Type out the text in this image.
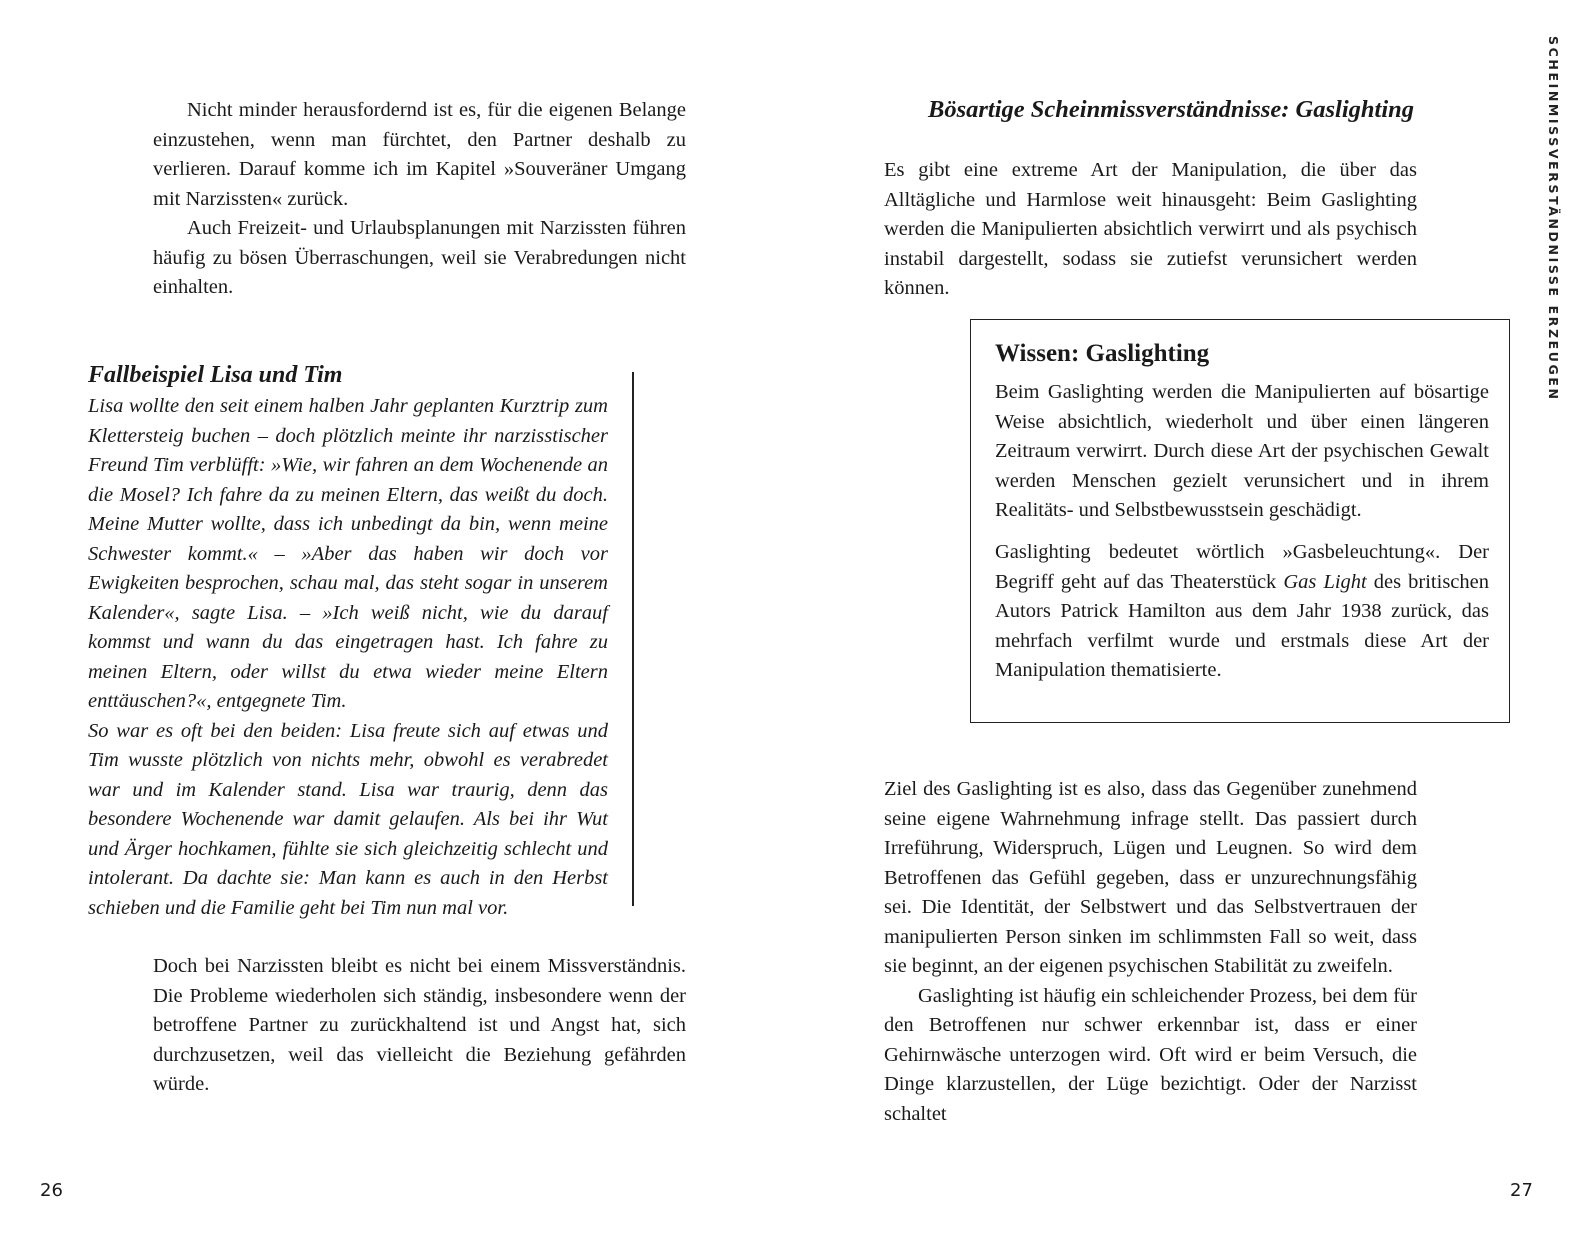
Nicht minder herausfordernd ist es, für die eigenen Belange einzustehen, wenn man fürchtet, den Partner deshalb zu verlieren. Darauf komme ich im Kapitel »Souveräner Umgang mit Narzissten« zurück.

Auch Freizeit- und Urlaubsplanungen mit Narzissten führen häufig zu bösen Überraschungen, weil sie Verabredungen nicht einhalten.

Fallbeispiel Lisa und Tim

Lisa wollte den seit einem halben Jahr geplanten Kurztrip zum Klettersteig buchen – doch plötzlich meinte ihr narzisstischer Freund Tim verblüfft: »Wie, wir fahren an dem Wochenende an die Mosel? Ich fahre da zu meinen Eltern, das weißt du doch. Meine Mutter wollte, dass ich unbedingt da bin, wenn meine Schwester kommt.« – »Aber das haben wir doch vor Ewigkeiten besprochen, schau mal, das steht sogar in unserem Kalender«, sagte Lisa. – »Ich weiß nicht, wie du darauf kommst und wann du das eingetragen hast. Ich fahre zu meinen Eltern, oder willst du etwa wieder meine Eltern enttäuschen?«, entgegnete Tim.

So war es oft bei den beiden: Lisa freute sich auf etwas und Tim wusste plötzlich von nichts mehr, obwohl es verabredet war und im Kalender stand. Lisa war traurig, denn das besondere Wochenende war damit gelaufen. Als bei ihr Wut und Ärger hochkamen, fühlte sie sich gleichzeitig schlecht und intolerant. Da dachte sie: Man kann es auch in den Herbst schieben und die Familie geht bei Tim nun mal vor.

Doch bei Narzissten bleibt es nicht bei einem Missverständnis. Die Probleme wiederholen sich ständig, insbesondere wenn der betroffene Partner zu zurückhaltend ist und Angst hat, sich durchzusetzen, weil das vielleicht die Beziehung gefährden würde.

26
SCHEINMISSVERSTÄNDNISSE ERZEUGEN
Bösartige Scheinmissverständnisse: Gaslighting

Es gibt eine extreme Art der Manipulation, die über das Alltägliche und Harmlose weit hinausgeht: Beim Gaslighting werden die Manipulierten absichtlich verwirrt und als psychisch instabil dargestellt, sodass sie zutiefst verunsichert werden können.

Wissen: Gaslighting

Beim Gaslighting werden die Manipulierten auf bösartige Weise absichtlich, wiederholt und über einen längeren Zeitraum verwirrt. Durch diese Art der psychischen Gewalt werden Menschen gezielt verunsichert und in ihrem Realitäts- und Selbstbewusstsein geschädigt.

Gaslighting bedeutet wörtlich »Gasbeleuchtung«. Der Begriff geht auf das Theaterstück Gas Light des britischen Autors Patrick Hamilton aus dem Jahr 1938 zurück, das mehrfach verfilmt wurde und erstmals diese Art der Manipulation thematisierte.

Ziel des Gaslighting ist es also, dass das Gegenüber zunehmend seine eigene Wahrnehmung infrage stellt. Das passiert durch Irreführung, Widerspruch, Lügen und Leugnen. So wird dem Betroffenen das Gefühl gegeben, dass er unzurechnungsfähig sei. Die Identität, der Selbstwert und das Selbstvertrauen der manipulierten Person sinken im schlimmsten Fall so weit, dass sie beginnt, an der eigenen psychischen Stabilität zu zweifeln.

Gaslighting ist häufig ein schleichender Prozess, bei dem für den Betroffenen nur schwer erkennbar ist, dass er einer Gehirnwäsche unterzogen wird. Oft wird er beim Versuch, die Dinge klarzustellen, der Lüge bezichtigt. Oder der Narzisst schaltet

27
